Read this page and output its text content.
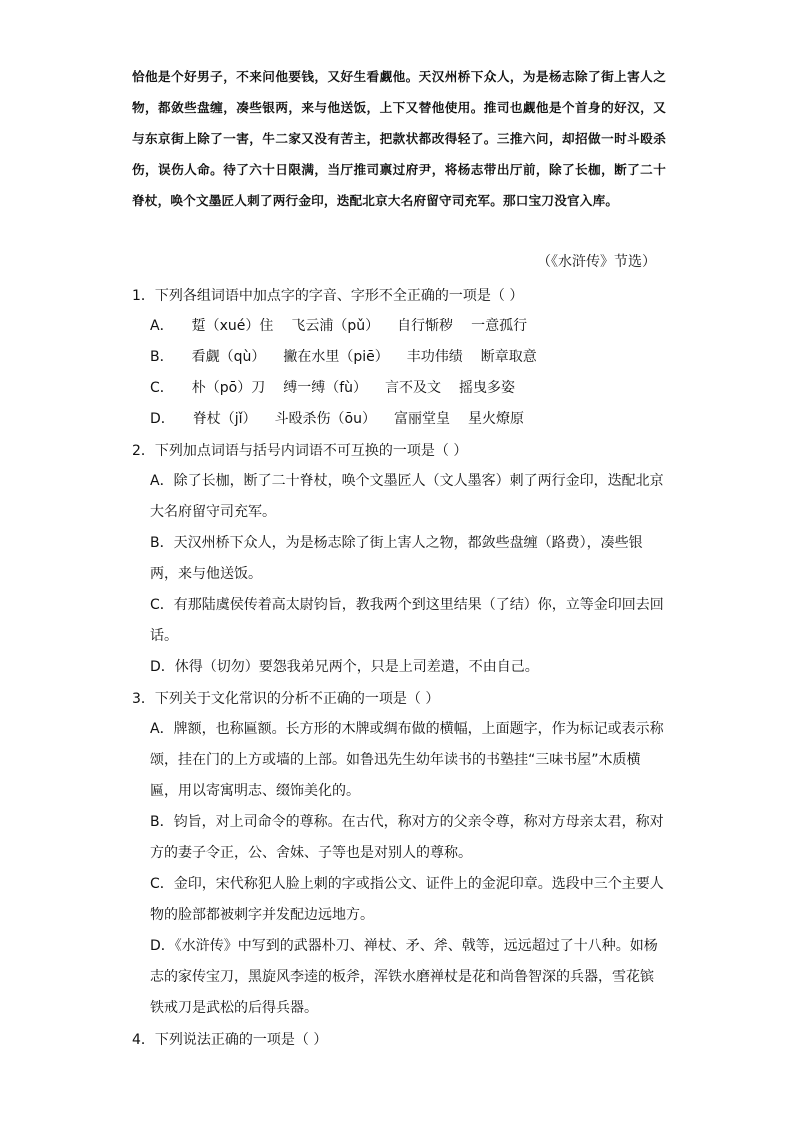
恰他是个好男子，不来问他要钱，又好生看觑他。天汉州桥下众人，为是杨志除了街上害人之物，都敛些盘缠，凑些银两，来与他送饭，上下又替他使用。推司也觑他是个首身的好汉，又与东京街上除了一害，牛二家又没有苦主，把款状都改得轻了。三推六问，却招做一时斗殴杀伤，误伤人命。待了六十日限满，当厅推司禀过府尹，将杨志带出厅前，除了长枷，断了二十脊杖，唤个文墨匠人刺了两行金印，迭配北京大名府留守司充军。那口宝刀没官入库。
（《水浒传》节选）
1．下列各组词语中加点字的字音、字形不全正确的一项是（ ）
A． 踅（xué）住 飞云浦（pǔ） 自行惭秽 一意孤行
B． 看觑（qù） 撇在水里（piē） 丰功伟绩 断章取意
C． 朴（pō）刀 缚一缚（fù） 言不及文 摇曳多姿
D． 脊杖（jǐ） 斗殴杀伤（ōu） 富丽堂皇 星火燎原
2．下列加点词语与括号内词语不可互换的一项是（ ）
A．除了长枷，断了二十脊杖，唤个文墨匠人（文人墨客）刺了两行金印，迭配北京大名府留守司充军。
B．天汉州桥下众人，为是杨志除了街上害人之物，都敛些盘缠（路费），凑些银两，来与他送饭。
C．有那陆虞侯传着高太尉钧旨，教我两个到这里结果（了结）你，立等金印回去回话。
D．休得（切勿）要怨我弟兄两个，只是上司差遣，不由自己。
3．下列关于文化常识的分析不正确的一项是（ ）
A．牌额，也称匾额。长方形的木牌或绸布做的横幅，上面题字，作为标记或表示称颂，挂在门的上方或墙的上部。如鲁迅先生幼年读书的书塾挂“三味书屋”木质横匾，用以寄寓明志、缀饰美化的。
B．钧旨，对上司命令的尊称。在古代，称对方的父亲令尊，称对方母亲太君，称对方的妻子令正，公、舍妹、子等也是对别人的尊称。
C．金印，宋代称犯人脸上刺的字或指公文、证件上的金泥印章。选段中三个主要人物的脸部都被刺字并发配边远地方。
D．《水浒传》中写到的武器朴刀、禅杖、矛、斧、戟等，远远超过了十八种。如杨志的家传宝刀，黑旋风李逵的板斧，浑铁水磨禅杖是花和尚鲁智深的兵器，雪花镔铁戒刀是武松的后得兵器。
4．下列说法正确的一项是（ ）
